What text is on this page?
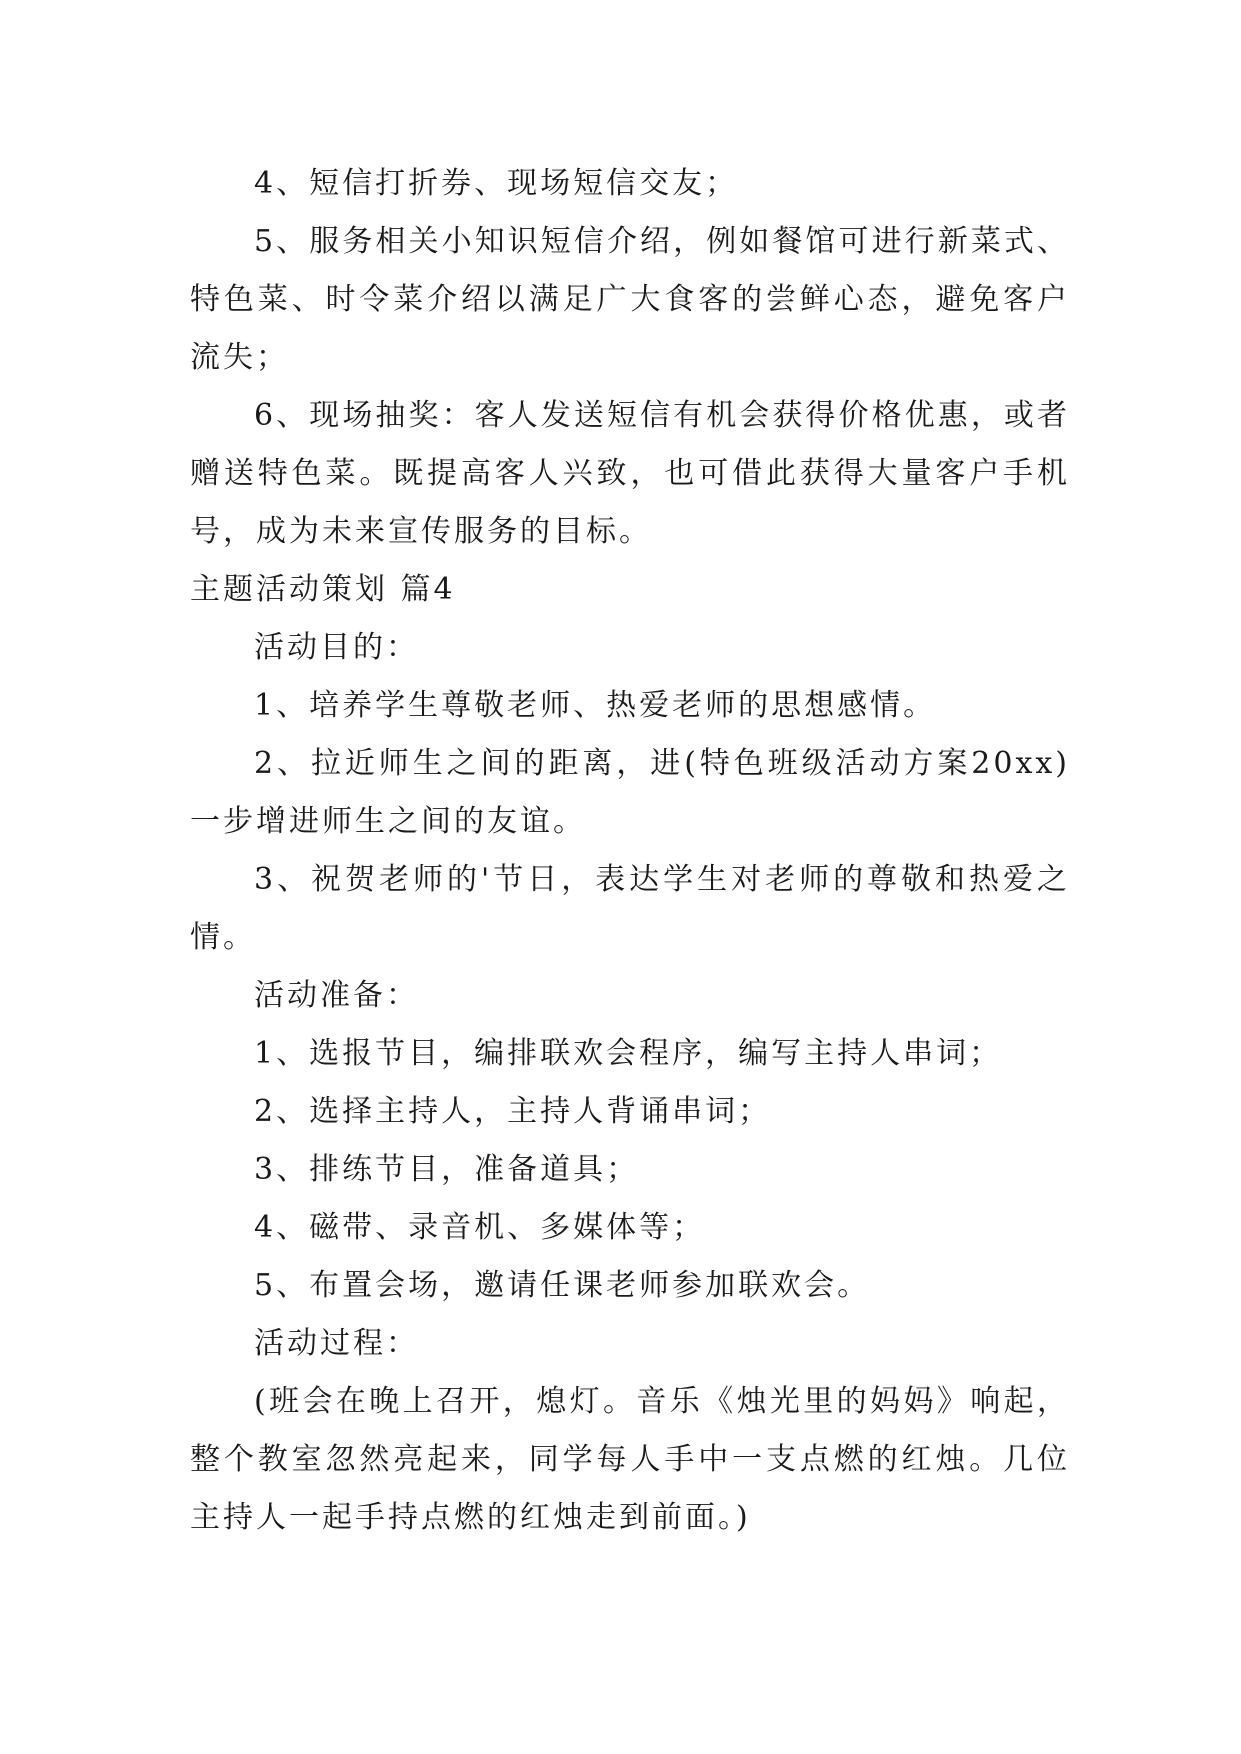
4、短信打折券、现场短信交友；

5、服务相关小知识短信介绍，例如餐馆可进行新菜式、特色菜、时令菜介绍以满足广大食客的尝鲜心态，避免客户流失；

6、现场抽奖：客人发送短信有机会获得价格优惠，或者赠送特色菜。既提高客人兴致，也可借此获得大量客户手机号，成为未来宣传服务的目标。

主题活动策划 篇4

活动目的：

1、培养学生尊敬老师、热爱老师的思想感情。

2、拉近师生之间的距离，进(特色班级活动方案20xx)一步增进师生之间的友谊。

3、祝贺老师的'节日，表达学生对老师的尊敬和热爱之情。

活动准备：

1、选报节目，编排联欢会程序，编写主持人串词；

2、选择主持人，主持人背诵串词；

3、排练节目，准备道具；

4、磁带、录音机、多媒体等；

5、布置会场，邀请任课老师参加联欢会。

活动过程：

(班会在晚上召开，熄灯。音乐《烛光里的妈妈》响起，整个教室忽然亮起来，同学每人手中一支点燃的红烛。几位主持人一起手持点燃的红烛走到前面。)
